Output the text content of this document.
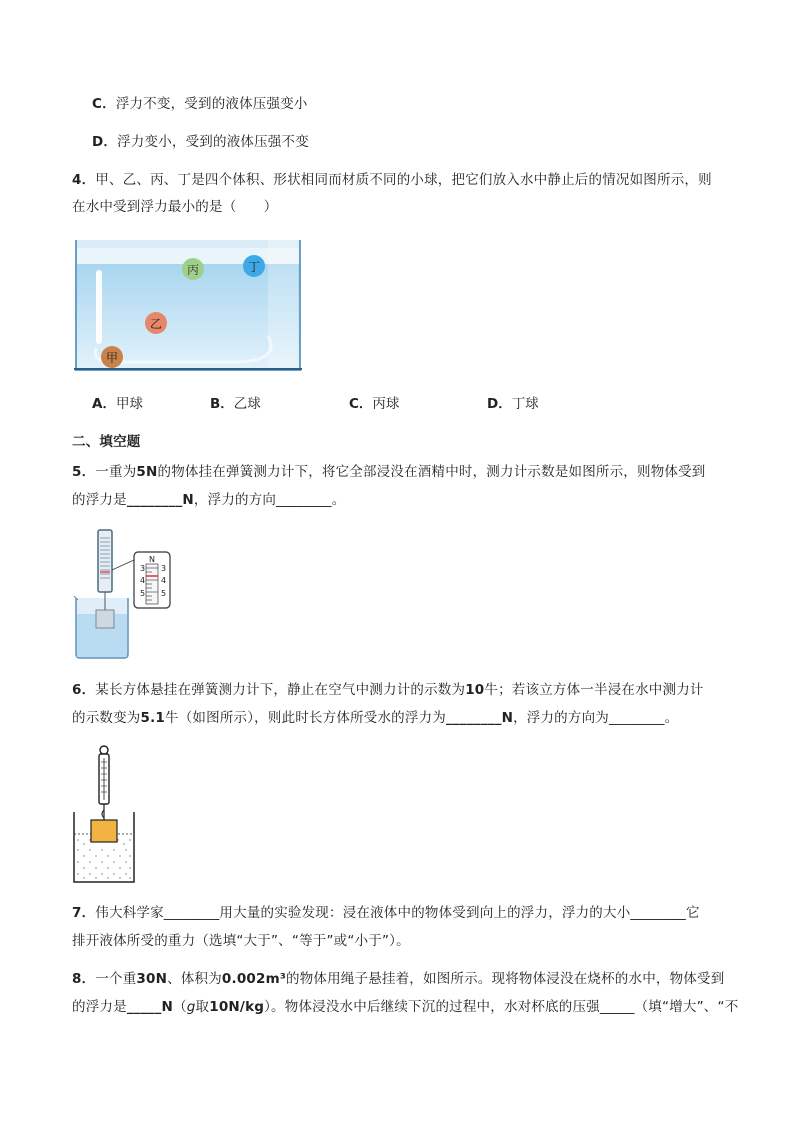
C．浮力不变，受到的液体压强变小
D．浮力变小，受到的液体压强不变
4．甲、乙、丙、丁是四个体积、形状相同而材质不同的小球，把它们放入水中静止后的情况如图所示，则
在水中受到浮力最小的是（　　）
丙	丁
乙
甲
A．甲球	B．乙球	C．丙球	D．丁球
二、填空题
5．一重为5N的物体挂在弹簧测力计下，将它全部浸没在酒精中时，测力计示数是如图所示，则物体受到
的浮力是________N，浮力的方向________。
N
3 3
4 4
5 5
6．某长方体悬挂在弹簧测力计下，静止在空气中测力计的示数为10牛；若该立方体一半浸在水中测力计
的示数变为5.1牛（如图所示），则此时长方体所受水的浮力为________N，浮力的方向为________。
7．伟大科学家________用大量的实验发现：浸在液体中的物体受到向上的浮力，浮力的大小________它
排开液体所受的重力（选填“大于”、“等于”或“小于”）。
8．一个重30N、体积为0.002m³的物体用绳子悬挂着，如图所示。现将物体浸没在烧杯的水中，物体受到
的浮力是_____N（g取10N/kg）。物体浸没水中后继续下沉的过程中，水对杯底的压强_____（填“增大”、“不
